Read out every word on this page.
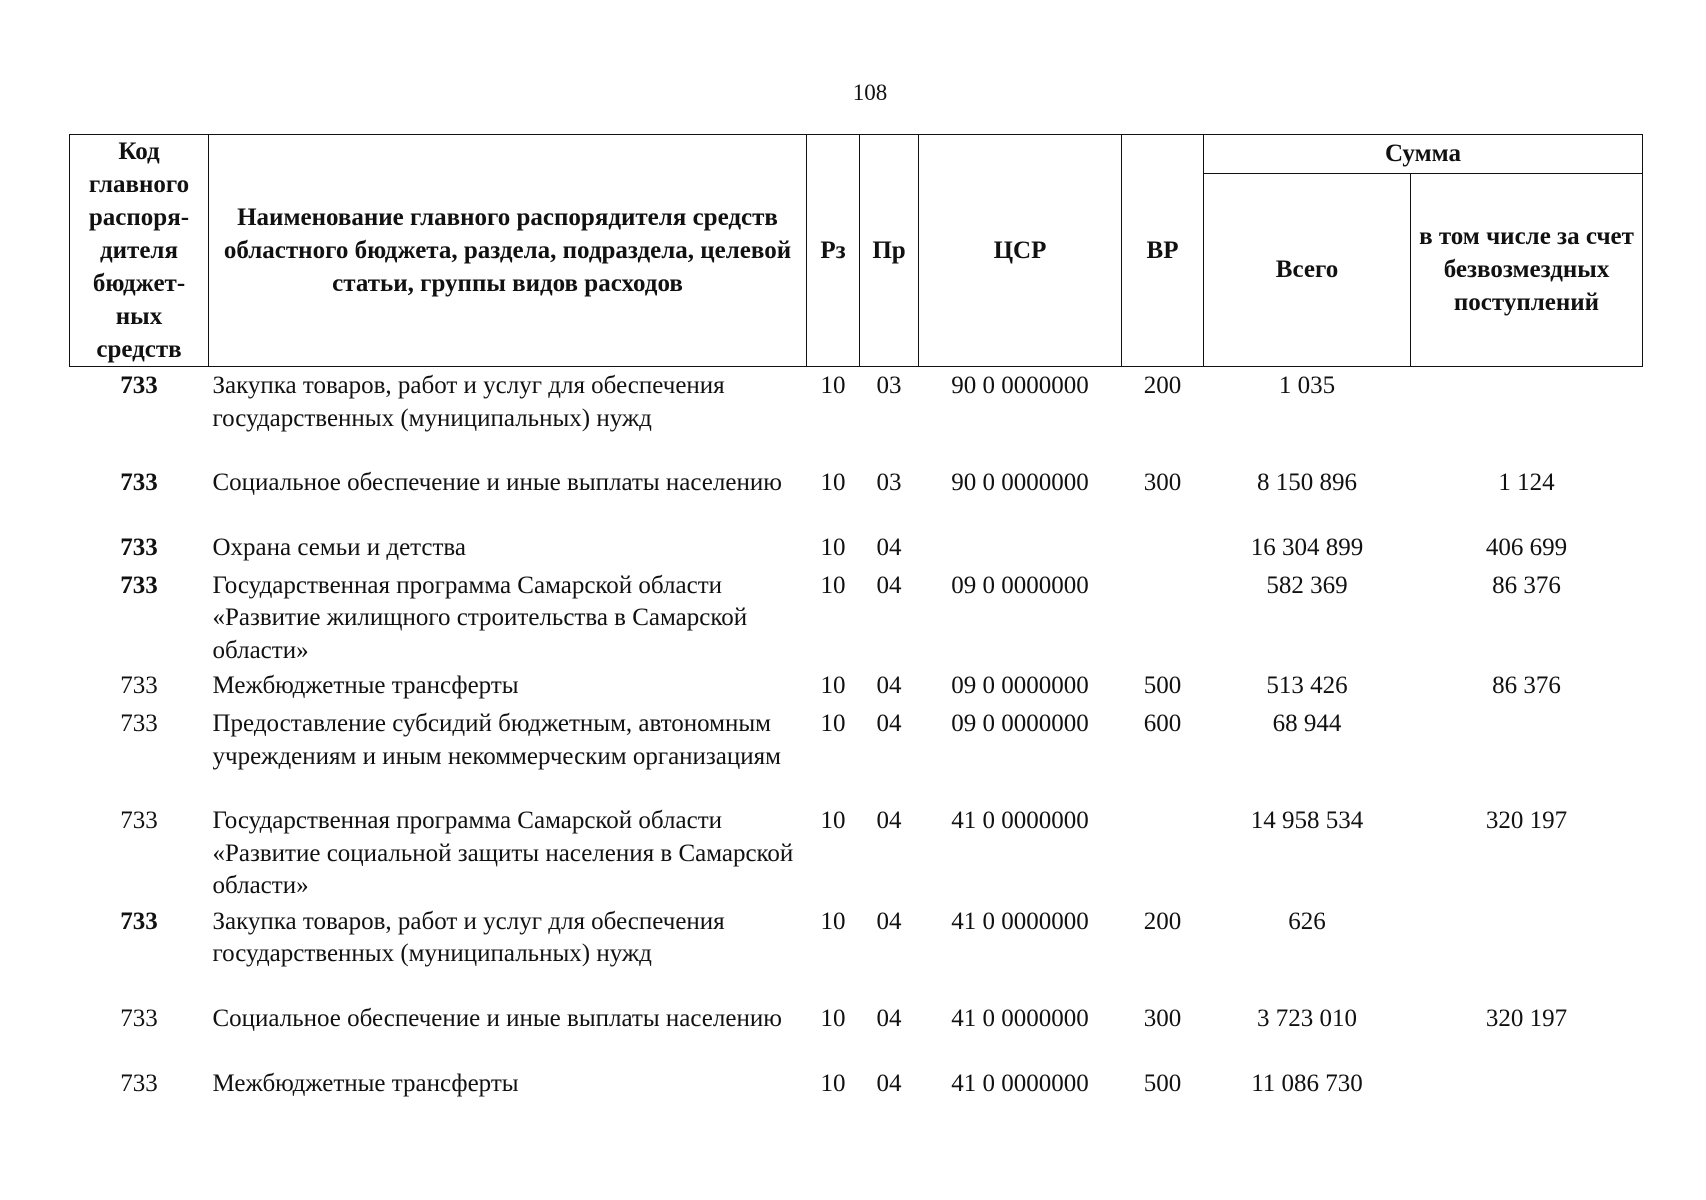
108
Код главного распоря-дителя бюджет-ных средств	Наименование главного распорядителя средств областного бюджета, раздела, подраздела, целевой статьи, группы видов расходов	Рз	Пр	ЦСР	ВР	Сумма	
						Всего	в том числе за счет безвозмездных поступлений
733	Закупка товаров, работ и услуг для обеспечения государственных (муниципальных) нужд	10	03	90 0 0000000	200	1 035	
733	Социальное обеспечение и иные выплаты населению	10	03	90 0 0000000	300	8 150 896	1 124
733	Охрана семьи и детства	10	04			16 304 899	406 699
733	Государственная программа Самарской области «Развитие жилищного строительства в Самарской области»	10	04	09 0 0000000		582 369	86 376
733	Межбюджетные трансферты	10	04	09 0 0000000	500	513 426	86 376
733	Предоставление субсидий бюджетным, автономным учреждениям и иным некоммерческим организациям	10	04	09 0 0000000	600	68 944	
733	Государственная программа Самарской области «Развитие социальной защиты населения в Самарской области»	10	04	41 0 0000000		14 958 534	320 197
733	Закупка товаров, работ и услуг для обеспечения государственных (муниципальных) нужд	10	04	41 0 0000000	200	626	
733	Социальное обеспечение и иные выплаты населению	10	04	41 0 0000000	300	3 723 010	320 197
733	Межбюджетные трансферты	10	04	41 0 0000000	500	11 086 730	
